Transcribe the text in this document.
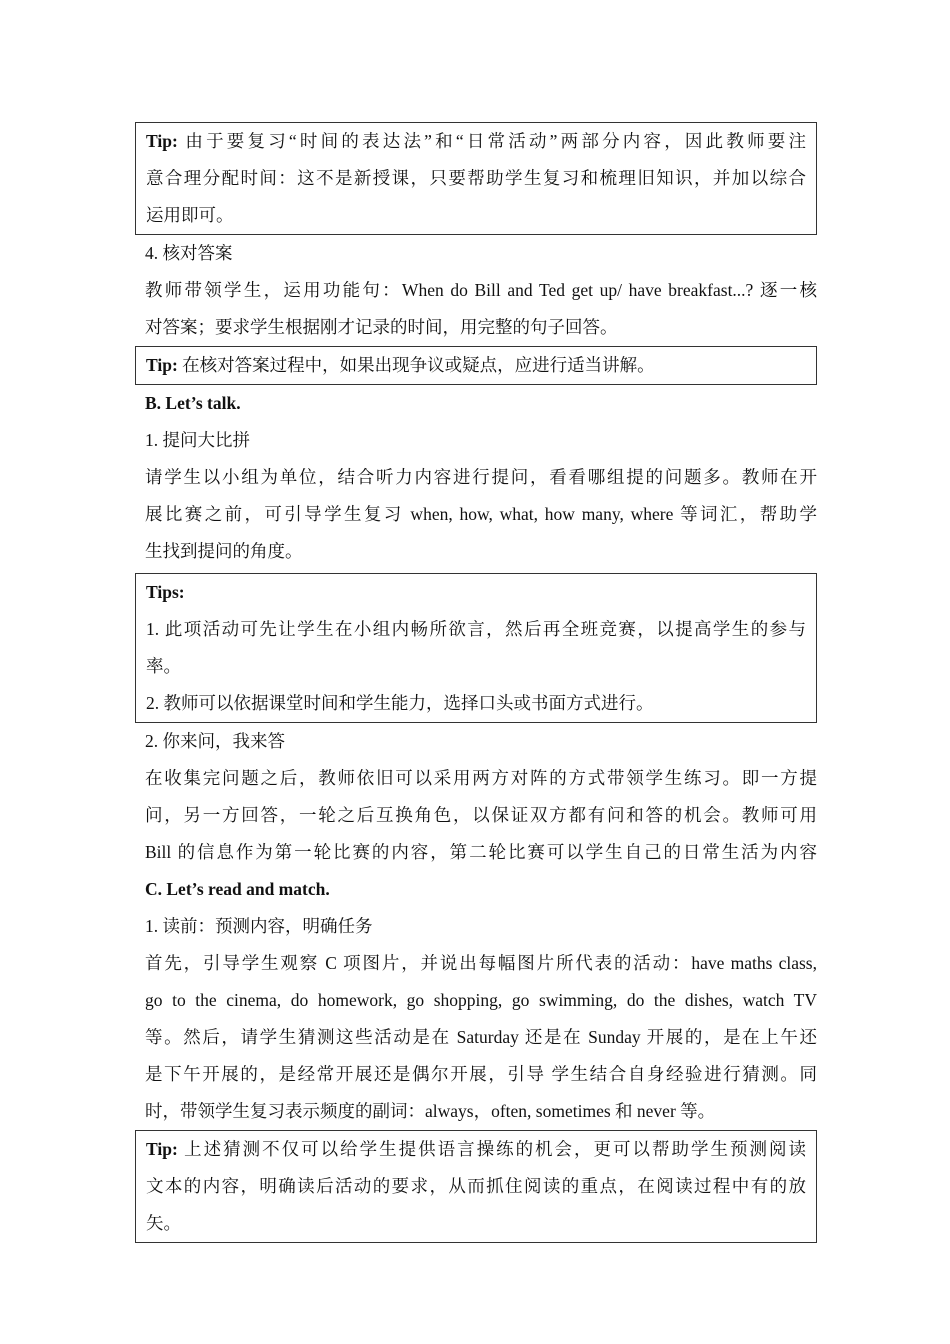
Tip: 由于要复习“时间的表达法”和“日常活动”两部分内容，因此教师要注
意合理分配时间：这不是新授课，只要帮助学生复习和梳理旧知识，并加以综合
运用即可。
4. 核对答案
教师带领学生，运用功能句：When do Bill and Ted get up/ have breakfast...? 逐一核
对答案；要求学生根据刚才记录的时间，用完整的句子回答。
Tip: 在核对答案过程中，如果出现争议或疑点，应进行适当讲解。
B. Let’s talk.
1. 提问大比拼
请学生以小组为单位，结合听力内容进行提问，看看哪组提的问题多。教师在开
展比赛之前，可引导学生复习 when, how, what, how many, where 等词汇，帮助学
生找到提问的角度。
Tips:
1. 此项活动可先让学生在小组内畅所欲言，然后再全班竞赛，以提高学生的参与
率。
2. 教师可以依据课堂时间和学生能力，选择口头或书面方式进行。
2. 你来问，我来答
在收集完问题之后，教师依旧可以采用两方对阵的方式带领学生练习。即一方提
问，另一方回答，一轮之后互换角色，以保证双方都有问和答的机会。教师可用
Bill 的信息作为第一轮比赛的内容，第二轮比赛可以学生自己的日常生活为内容
C. Let’s read and match.
1. 读前：预测内容，明确任务
首先，引导学生观察 C 项图片，并说出每幅图片所代表的活动：have maths class,
go to the cinema, do homework, go shopping, go swimming, do the dishes, watch TV
等。然后，请学生猜测这些活动是在 Saturday 还是在 Sunday 开展的，是在上午还
是下午开展的，是经常开展还是偶尔开展，引导 学生结合自身经验进行猜测。同
时，带领学生复习表示频度的副词：always，often, sometimes 和 never 等。
Tip: 上述猜测不仅可以给学生提供语言操练的机会，更可以帮助学生预测阅读
文本的内容，明确读后活动的要求，从而抓住阅读的重点，在阅读过程中有的放
矢。
